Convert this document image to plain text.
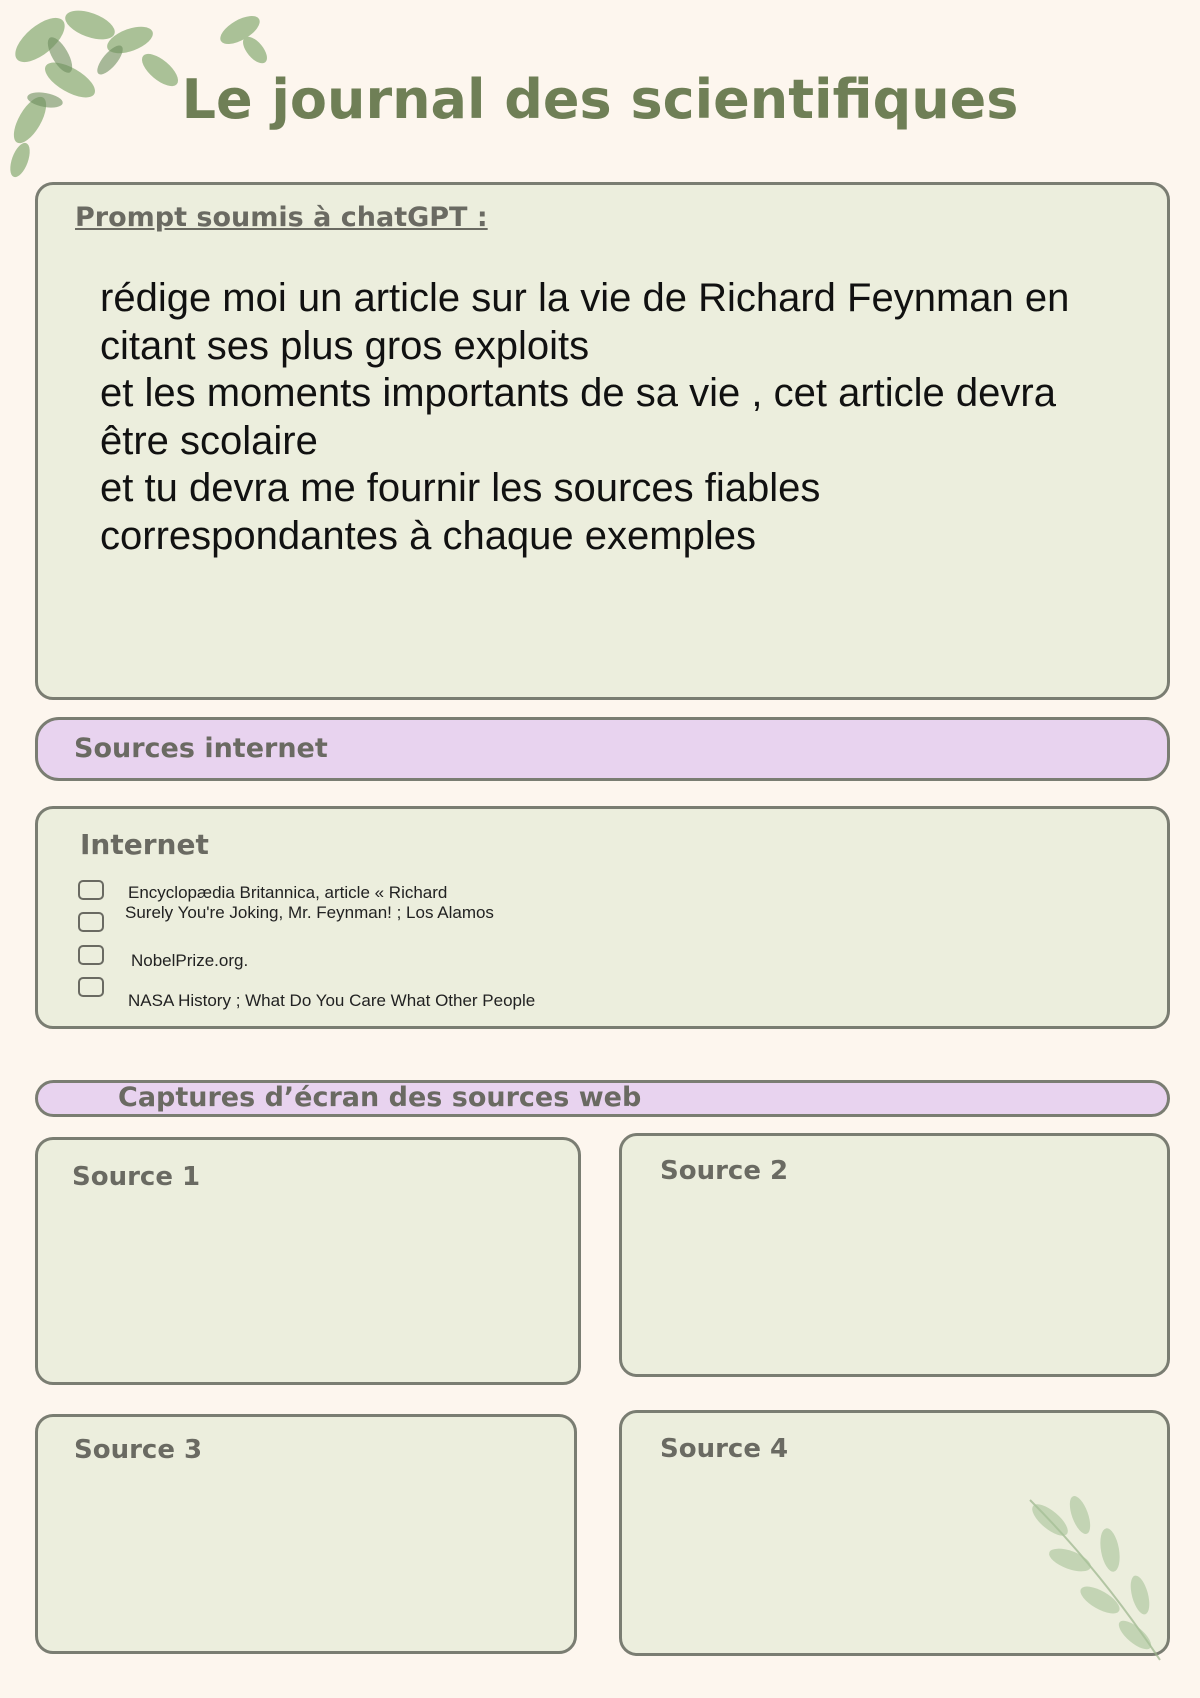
Le journal des scientifiques
Prompt soumis à chatGPT :
rédige moi un article sur la vie de Richard Feynman en
citant ses plus gros exploits
et les moments importants de sa vie , cet article devra
être scolaire
et tu devra me fournir les sources fiables
correspondantes à chaque exemples
Sources internet
Internet
Encyclopædia Britannica, article « Richard
Surely You're Joking, Mr. Feynman! ; Los Alamos
NobelPrize.org.
NASA History ; What Do You Care What Other People
Captures d’écran des sources web
Source 1	Source 2
Source 3	Source 4
